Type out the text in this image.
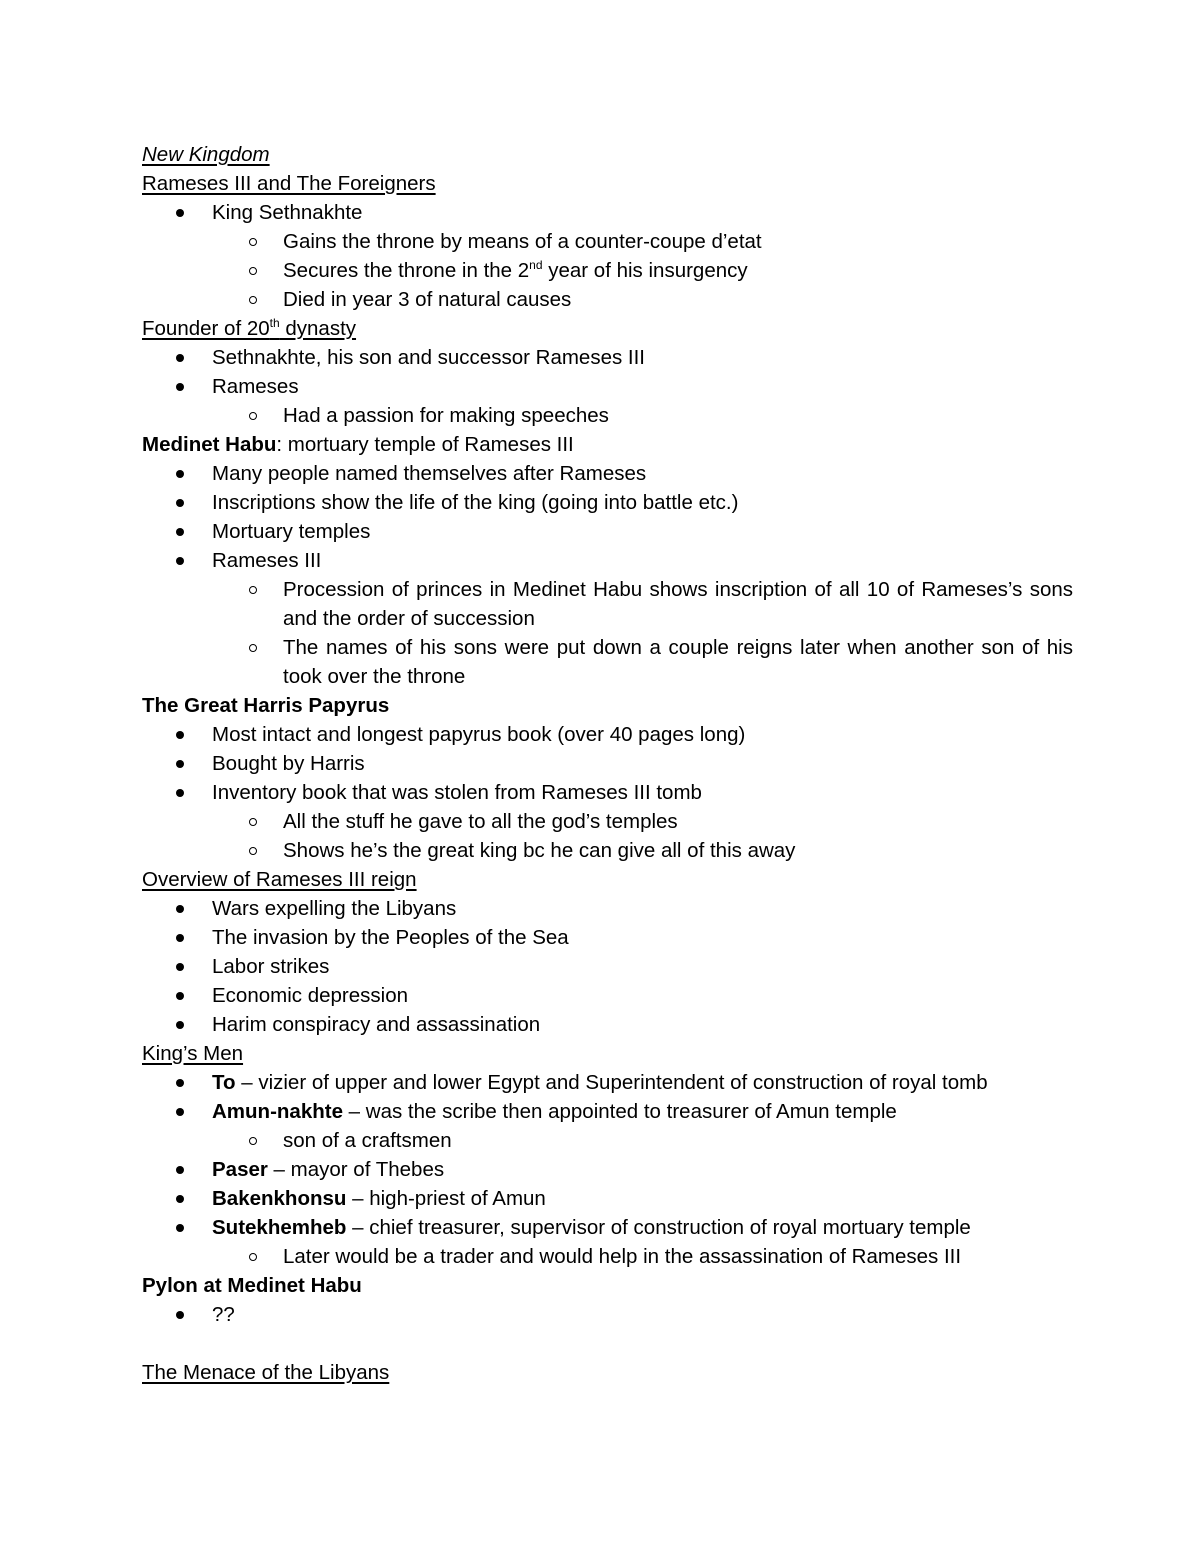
New Kingdom
Rameses III and The Foreigners
King Sethnakhte
Gains the throne by means of a counter-coupe d’etat
Secures the throne in the 2nd year of his insurgency
Died in year 3 of natural causes
Founder of 20th dynasty
Sethnakhte, his son and successor Rameses III
Rameses
Had a passion for making speeches
Medinet Habu: mortuary temple of Rameses III
Many people named themselves after Rameses
Inscriptions show the life of the king (going into battle etc.)
Mortuary temples
Rameses III
Procession of princes in Medinet Habu shows inscription of all 10 of Rameses’s sons and the order of succession
The names of his sons were put down a couple reigns later when another son of his took over the throne
The Great Harris Papyrus
Most intact and longest papyrus book (over 40 pages long)
Bought by Harris
Inventory book that was stolen from Rameses III tomb
All the stuff he gave to all the god’s temples
Shows he’s the great king bc he can give all of this away
Overview of Rameses III reign
Wars expelling the Libyans
The invasion by the Peoples of the Sea
Labor strikes
Economic depression
Harim conspiracy and assassination
King’s Men
To – vizier of upper and lower Egypt and Superintendent of construction of royal tomb
Amun-nakhte – was the scribe then appointed to treasurer of Amun temple
son of a craftsmen
Paser – mayor of Thebes
Bakenkhonsu – high-priest of Amun
Sutekhemheb – chief treasurer, supervisor of construction of royal mortuary temple
Later would be a trader and would help in the assassination of Rameses III
Pylon at Medinet Habu
??
The Menace of the Libyans
